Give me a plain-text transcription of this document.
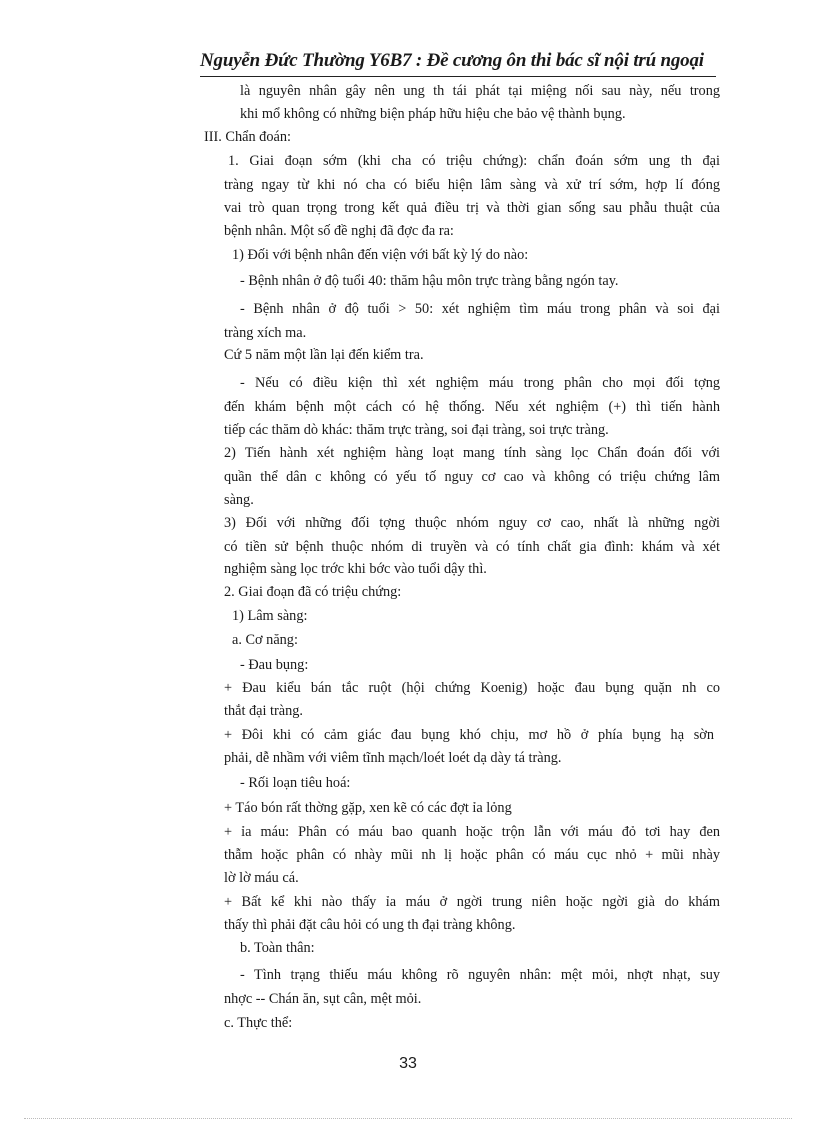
Nguyễn Đức Thường Y6B7 : Đề cương ôn thi bác sĩ nội trú ngoại
là nguyên nhân gây nên ung th tái phát tại miệng nối sau này, nếu trong
khi mổ không có những biện pháp hữu hiệu che bảo vệ thành bụng.
III. Chẩn đoán:
1. Giai đoạn sớm (khi cha có triệu chứng): chẩn đoán sớm ung th đại
tràng ngay từ khi nó cha có biểu hiện lâm sàng và xử trí sớm, hợp lí đóng
vai trò quan trọng trong kết quả điều trị và thời gian sống sau phẫu thuật của
bệnh nhân. Một số đề nghị đã đợc đa ra:
1) Đối với bệnh nhân đến viện với bất kỳ lý do nào:
- Bệnh nhân ở độ tuổi 40: thăm hậu môn trực tràng bằng ngón tay.
- Bệnh nhân ở độ tuổi > 50: xét nghiệm tìm máu trong phân và soi đại
tràng xích ma.
Cứ 5 năm một lần lại đến kiểm tra.
- Nếu có điều kiện thì xét nghiệm máu trong phân cho mọi đối tợng
đến khám bệnh một cách có hệ thống. Nếu xét nghiệm (+) thì tiến hành
tiếp các thăm dò khác: thăm trực tràng, soi đại tràng, soi trực tràng.
2) Tiến hành xét nghiệm hàng loạt mang tính sàng lọc Chẩn đoán đối với
quần thể dân c không có yếu tố nguy cơ cao và không có triệu chứng lâm
sàng.
3) Đối với những đối tợng thuộc nhóm nguy cơ cao, nhất là những ngời
có tiền sử bệnh thuộc nhóm di truyền và có tính chất gia đình: khám và xét
nghiệm sàng lọc trớc khi bớc vào tuổi dậy thì.
2. Giai đoạn đã có triệu chứng:
1) Lâm sàng:
a. Cơ năng:
- Đau bụng:
+ Đau kiểu bán tắc ruột (hội chứng Koenig) hoặc đau bụng quặn nh co
thắt đại tràng.
+ Đôi khi có cảm giác đau bụng khó chịu, mơ hồ ở phía bụng hạ sờn
phải, dễ nhầm với viêm tĩnh mạch/loét loét dạ dày tá tràng.
- Rối loạn tiêu hoá:
+ Táo bón rất thờng gặp, xen kẽ có các đợt ỉa lỏng
+ ỉa máu: Phân có máu bao quanh hoặc trộn lẫn với máu đỏ tơi hay đen
thẫm hoặc phân có nhày mũi nh lị hoặc phân có máu cục nhỏ + mũi nhày
lờ lờ máu cá.
+ Bất kể khi nào thấy ỉa máu ở ngời trung niên hoặc ngời già do khám
thấy thì phải đặt câu hỏi có ung th đại tràng không.
b. Toàn thân:
- Tình trạng thiếu máu không rõ nguyên nhân: mệt mỏi, nhợt nhạt, suy
nhợc -- Chán ăn, sụt cân, mệt mỏi.
c. Thực thể:
33
